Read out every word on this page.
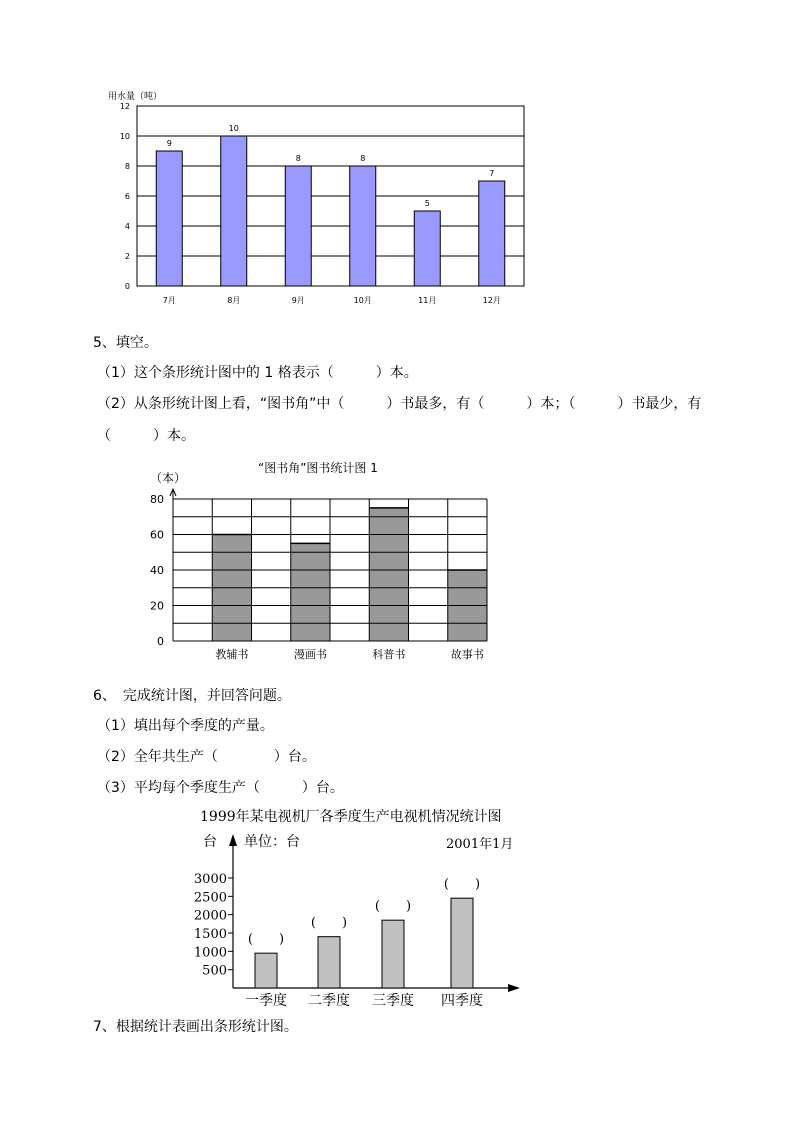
用水量（吨）
0
2
4
6
8
10
12
7月	8月	9月	10月	11月	12月
9
10
8	8
5
7
5、填空。
（1）这个条形统计图中的 1 格表示（　　　）本。
（2）从条形统计图上看，“图书角”中（　　　）书最多，有（　　　）本；（　　　）书最少，有
（　　　）本。
“图书角”图书统计图 1
（本）
0
20
40
60
80
教辅书	漫画书	科普书	故事书
6、　完成统计图，并回答问题。
（1）填出每个季度的产量。
（2）全年共生产（　　　　）台。
（3）平均每个季度生产（　　　）台。
1999年某电视机厂各季度生产电视机情况统计图
台 单位：台	2001年1月
500
1000
1500
2000
2500
3000
(　　)
(　　)
(　　)
(　　)
一季度 二季度 三季度 四季度
7、根据统计表画出条形统计图。
